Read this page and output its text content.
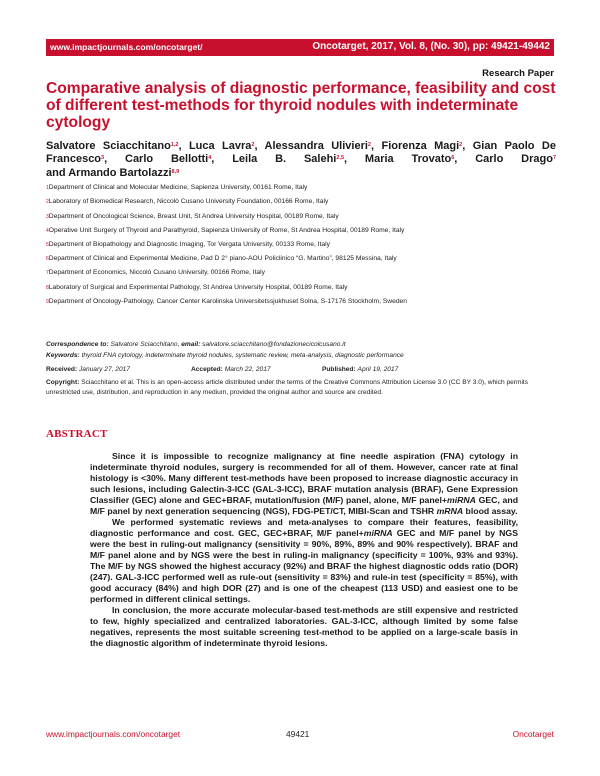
www.impactjournals.com/oncotarget/	Oncotarget, 2017, Vol. 8, (No. 30), pp: 49421-49442
Research Paper
Comparative analysis of diagnostic performance, feasibility and cost of different test-methods for thyroid nodules with indeterminate cytology

Salvatore Sciacchitano$^{1,2}$, Luca Lavra$^2$, Alessandra Ulivieri$^2$, Fiorenza Magi$^2$, Gian Paolo De Francesco$^3$, Carlo Bellotti$^4$, Leila B. Salehi$^{2,5}$, Maria Trovato$^6$, Carlo Drago$^7$ and Armando Bartolazzi$^{8,9}$

$^1$Department of Clinical and Molecular Medicine, Sapienza University, 00161 Rome, Italy
$^2$Laboratory of Biomedical Research, Niccolò Cusano University Foundation, 00166 Rome, Italy
$^3$Department of Oncological Science, Breast Unit, St Andrea University Hospital, 00189 Rome, Italy
$^4$Operative Unit Surgery of Thyroid and Parathyroid, Sapienza University of Rome, St Andrea Hospital, 00189 Rome, Italy
$^5$Department of Biopathology and Diagnostic Imaging, Tor Vergata University, 00133 Rome, Italy
$^6$Department of Clinical and Experimental Medicine, Pad D 2° piano-AOU Policlinico “G. Martino”, 98125 Messina, Italy
$^7$Department of Economics, Niccolò Cusano University, 00166 Rome, Italy
$^8$Laboratory of Surgical and Experimental Pathology, St Andrea University Hospital, 00189 Rome, Italy
$^9$Department of Oncology-Pathology, Cancer Center Karolinska Universitetssjukhuset Solna, S-17176 Stockholm, Sweden
Correspondence to: Salvatore Sciacchitano, email: salvatore.sciacchitano@fondazionecicolcusano.it
Keywords: thyroid FNA cytology, indeterminate thyroid nodules, systematic review, meta-analysis, diagnostic performance
Received: January 27, 2017	Accepted: March 22, 2017	Published: April 19, 2017
Copyright: Sciacchitano et al. This is an open-access article distributed under the terms of the Creative Commons Attribution License 3.0 (CC BY 3.0), which permits unrestricted use, distribution, and reproduction in any medium, provided the original author and source are credited.
ABSTRACT

Since it is impossible to recognize malignancy at fine needle aspiration (FNA) cytology in indeterminate thyroid nodules, surgery is recommended for all of them. However, cancer rate at final histology is <30%. Many different test-methods have been proposed to increase diagnostic accuracy in such lesions, including Galectin-3-ICC (GAL-3-ICC), BRAF mutation analysis (BRAF), Gene Expression Classifier (GEC) alone and GEC+BRAF, mutation/fusion (M/F) panel, alone, M/F panel+miRNA GEC, and M/F panel by next generation sequencing (NGS), FDG-PET/CT, MIBI-Scan and TSHR mRNA blood assay.

We performed systematic reviews and meta-analyses to compare their features, feasibility, diagnostic performance and cost. GEC, GEC+BRAF, M/F panel+miRNA GEC and M/F panel by NGS were the best in ruling-out malignancy (sensitivity = 90%, 89%, 89% and 90% respectively). BRAF and M/F panel alone and by NGS were the best in ruling-in malignancy (specificity = 100%, 93% and 93%). The M/F by NGS showed the highest accuracy (92%) and BRAF the highest diagnostic odds ratio (DOR) (247). GAL-3-ICC performed well as rule-out (sensitivity = 83%) and rule-in test (specificity = 85%), with good accuracy (84%) and high DOR (27) and is one of the cheapest (113 USD) and easiest one to be performed in different clinical settings.

In conclusion, the more accurate molecular-based test-methods are still expensive and restricted to few, highly specialized and centralized laboratories. GAL-3-ICC, although limited by some false negatives, represents the most suitable screening test-method to be applied on a large-scale basis in the diagnostic algorithm of indeterminate thyroid lesions.

www.impactjournals.com/oncotarget	49421	Oncotarget
